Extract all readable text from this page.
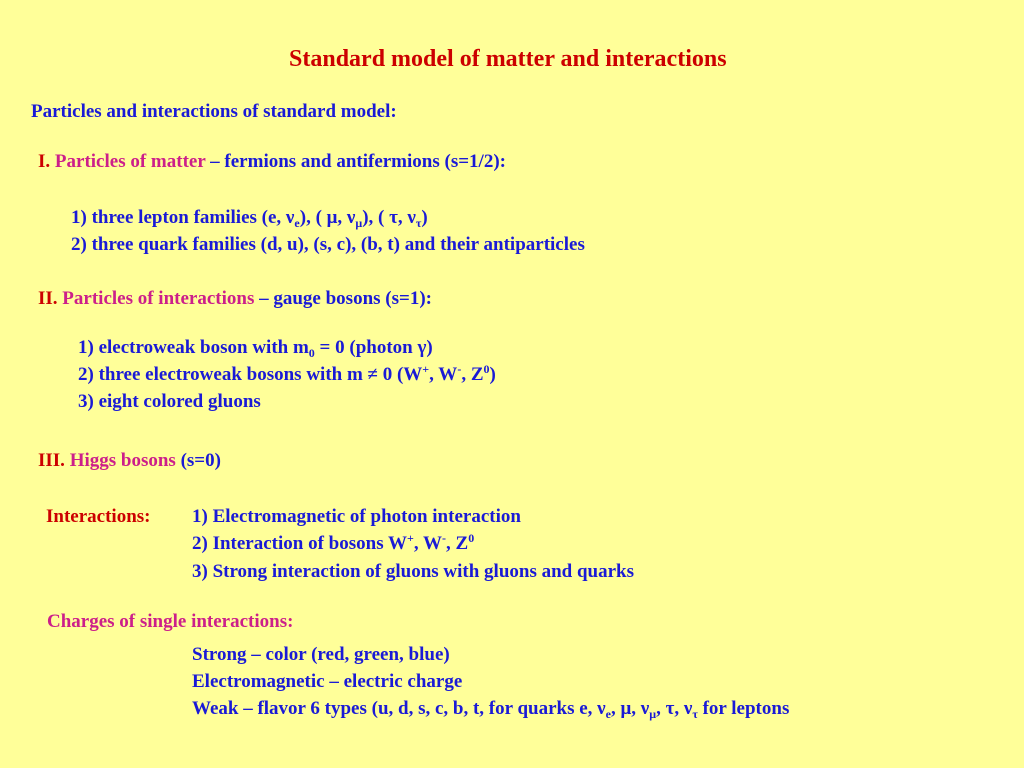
Standard model of matter and interactions
Particles and interactions of standard model:
I. Particles of matter – fermions and antifermions (s=1/2):
1) three lepton families (e, $\nu_e$), ( μ, $\nu_\mu$), ( τ, $\nu_\tau$)
2) three quark families (d, u), (s, c), (b, t) and their antiparticles
II. Particles of interactions – gauge bosons (s=1):
1) electroweak boson with $m_0 = 0$ (photon γ)
2) three electroweak bosons with m ≠ 0 (W+, W-, $Z^0$)
3) eight colored gluons
III. Higgs bosons (s=0)
Interactions: 1) Electromagnetic of photon interaction
2) Interaction of bosons W+, W-, $Z^0$
3) Strong interaction of gluons with gluons and quarks
Charges of single interactions:
Strong – color (red, green, blue)
Electromagnetic – electric charge
Weak – flavor 6 types (u, d, s, c, b, t, for quarks e, $\nu_e$, μ, $\nu_\mu$, τ, $\nu_\tau$ for leptons
